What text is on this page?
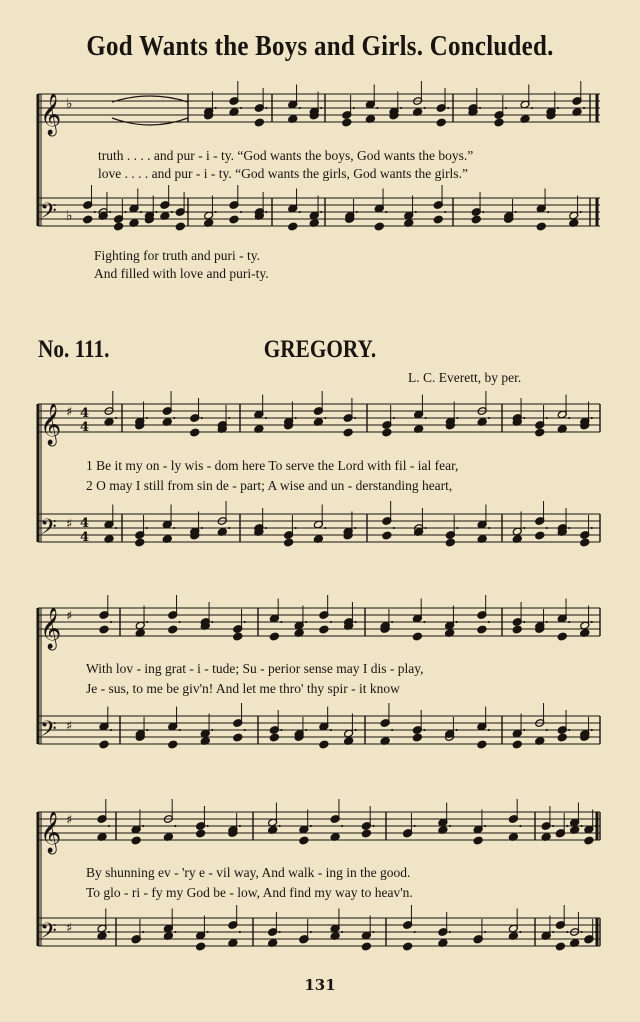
God Wants the Boys and Girls. Concluded.
𝄞
𝄢
♭
♭
𝄞
𝄢
♯
♯
4
4
4
4
𝄞
𝄢
♯
♯
𝄞
𝄢
♯
♯
truth . . . . and pur - i - ty. “God wants the boys, God wants the boys.”
love . . . . and pur - i - ty. “God wants the girls, God wants the girls.”
Fighting for truth and puri - ty.
And filled with love and puri-ty.
No. 111.	GREGORY.
L. C. Everett, by per.
1 Be it my on - ly wis - dom here To serve the Lord with fil - ial fear,
2 O may I still from sin de - part; A wise and un - derstanding heart,
With lov - ing grat - i - tude; Su - perior sense may I dis - play,
Je - sus, to me be giv'n! And let me thro' thy spir - it know
By shunning ev - 'ry e - vil way, And walk - ing in the good.
To glo - ri - fy my God be - low, And find my way to heav'n.
131
